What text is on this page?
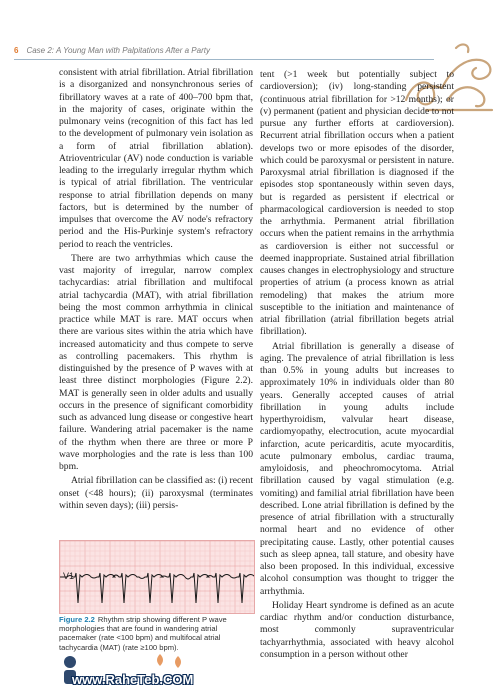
6 Case 2: A Young Man with Palpitations After a Party

consistent with atrial fibrillation. Atrial fibrillation is a disorganized and nonsynchronous series of fibrillatory waves at a rate of 400–700 bpm that, in the majority of cases, originate within the pulmonary veins (recognition of this fact has led to the development of pulmonary vein isolation as a form of atrial fibrillation ablation). Atrioventricular (AV) node conduction is variable leading to the irregularly irregular rhythm which is typical of atrial fibrillation. The ventricular response to atrial fibrillation depends on many factors, but is determined by the number of impulses that overcome the AV node's refractory period and the His-Purkinje system's refractory period to reach the ventricles.

There are two arrhythmias which cause the vast majority of irregular, narrow complex tachycardias: atrial fibrillation and multifocal atrial tachycardia (MAT), with atrial fibrillation being the most common arrhythmia in clinical practice while MAT is rare. MAT occurs when there are various sites within the atria which have increased automaticity and thus compete to serve as controlling pacemakers. This rhythm is distinguished by the presence of P waves with at least three distinct morphologies (Figure 2.2). MAT is generally seen in older adults and usually occurs in the presence of significant comorbidity such as advanced lung disease or congestive heart failure. Wandering atrial pacemaker is the name of the rhythm when there are three or more P wave morphologies and the rate is less than 100 bpm.

Atrial fibrillation can be classified as: (i) recent onset (<48 hours); (ii) paroxysmal (terminates within seven days); (iii) persis-

V1
Figure 2.2 Rhythm strip showing different P wave morphologies that are found in wandering atrial pacemaker (rate <100 bpm) and multifocal atrial tachycardia (MAT) (rate ≥100 bpm).

tent (>1 week but potentially subject to cardioversion); (iv) long-standing persistent (continuous atrial fibrillation for >12 months); or (v) permanent (patient and physician decide to not pursue any further efforts at cardioversion). Recurrent atrial fibrillation occurs when a patient develops two or more episodes of the disorder, which could be paroxysmal or persistent in nature. Paroxysmal atrial fibrillation is diagnosed if the episodes stop spontaneously within seven days, but is regarded as persistent if electrical or pharmacological cardioversion is needed to stop the arrhythmia. Permanent atrial fibrillation occurs when the patient remains in the arrhythmia as cardioversion is either not successful or deemed inappropriate. Sustained atrial fibrillation causes changes in electrophysiology and structure properties of atrium (a process known as atrial remodeling) that makes the atrium more susceptible to the initiation and maintenance of atrial fibrillation (atrial fibrillation begets atrial fibrillation).

Atrial fibrillation is generally a disease of aging. The prevalence of atrial fibrillation is less than 0.5% in young adults but increases to approximately 10% in individuals older than 80 years. Generally accepted causes of atrial fibrillation in young adults include hyperthyroidism, valvular heart disease, cardiomyopathy, electrocution, acute myocardial infarction, acute pericarditis, acute myocarditis, acute pulmonary embolus, cardiac trauma, amyloidosis, and pheochromocytoma. Atrial fibrillation caused by vagal stimulation (e.g. vomiting) and familial atrial fibrillation have been described. Lone atrial fibrillation is defined by the presence of atrial fibrillation with a structurally normal heart and no evidence of other precipitating cause. Lastly, other potential causes such as sleep apnea, tall stature, and obesity have also been proposed. In this individual, excessive alcohol consumption was thought to trigger the arrhythmia.

Holiday Heart syndrome is defined as an acute cardiac rhythm and/or conduction disturbance, most commonly supraventricular tachyarrhythmia, associated with heavy alcohol consumption in a person without other

www.RaheTeb.COM
